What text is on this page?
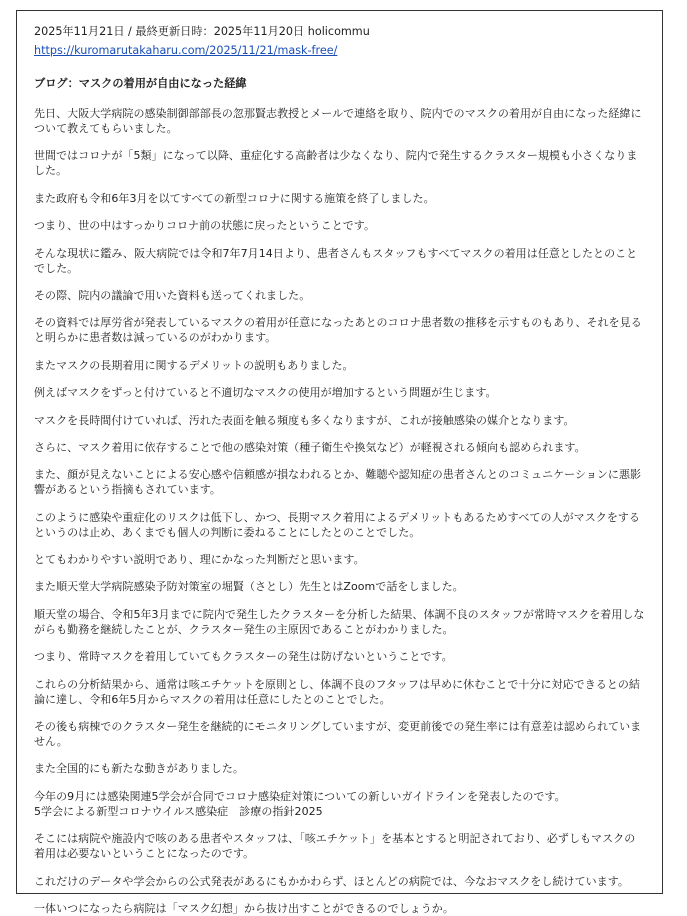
2025年11月21日 / 最終更新日時：2025年11月20日 holicommu

https://kuromarutakaharu.com/2025/11/21/mask-free/

ブログ：マスクの着用が自由になった経緯

先日、大阪大学病院の感染制御部部長の忽那賢志教授とメールで連絡を取り、院内でのマスクの着用が自由になった経緯について教えてもらいました。

世間ではコロナが「5類」になって以降、重症化する高齢者は少なくなり、院内で発生するクラスター規模も小さくなりました。

また政府も令和6年3月を以てすべての新型コロナに関する施策を終了しました。

つまり、世の中はすっかりコロナ前の状態に戻ったということです。

そんな現状に鑑み、阪大病院では令和7年7月14日より、患者さんもスタッフもすべてマスクの着用は任意としたとのことでした。

その際、院内の議論で用いた資料も送ってくれました。

その資料では厚労省が発表しているマスクの着用が任意になったあとのコロナ患者数の推移を示すものもあり、それを見ると明らかに患者数は減っているのがわかります。

またマスクの長期着用に関するデメリットの説明もありました。

例えばマスクをずっと付けていると不適切なマスクの使用が増加するという問題が生じます。

マスクを長時間付けていれば、汚れた表面を触る頻度も多くなりますが、これが接触感染の媒介となります。

さらに、マスク着用に依存することで他の感染対策（種子衛生や換気など）が軽視される傾向も認められます。

また、顔が見えないことによる安心感や信頼感が損なわれるとか、難聴や認知症の患者さんとのコミュニケーションに悪影響があるという指摘もされています。

このように感染や重症化のリスクは低下し、かつ、長期マスク着用によるデメリットもあるためすべての人がマスクをするというのは止め、あくまでも個人の判断に委ねることにしたとのことでした。

とてもわかりやすい説明であり、理にかなった判断だと思います。

また順天堂大学病院感染予防対策室の堀賢（さとし）先生とはZoomで話をしました。

順天堂の場合、令和5年3月までに院内で発生したクラスターを分析した結果、体調不良のスタッフが常時マスクを着用しながらも勤務を継続したことが、クラスター発生の主原因であることがわかりました。

つまり、常時マスクを着用していてもクラスターの発生は防げないということです。

これらの分析結果から、通常は咳エチケットを原則とし、体調不良のフタッフは早めに休むことで十分に対応できるとの結論に達し、令和6年5月からマスクの着用は任意にしたとのことでした。

その後も病棟でのクラスター発生を継続的にモニタリングしていますが、変更前後での発生率には有意差は認められていません。

また全国的にも新たな動きがありました。

今年の9月には感染関連5学会が合同でコロナ感染症対策についての新しいガイドラインを発表したのです。
5学会による新型コロナウイルス感染症　診療の指針2025

そこには病院や施設内で咳のある患者やスタッフは、「咳エチケット」を基本とすると明記されており、必ずしもマスクの着用は必要ないということになったのです。

これだけのデータや学会からの公式発表があるにもかかわらず、ほとんどの病院では、今なおマスクをし続けています。

一体いつになったら病院は「マスク幻想」から抜け出すことができるのでしょうか。
